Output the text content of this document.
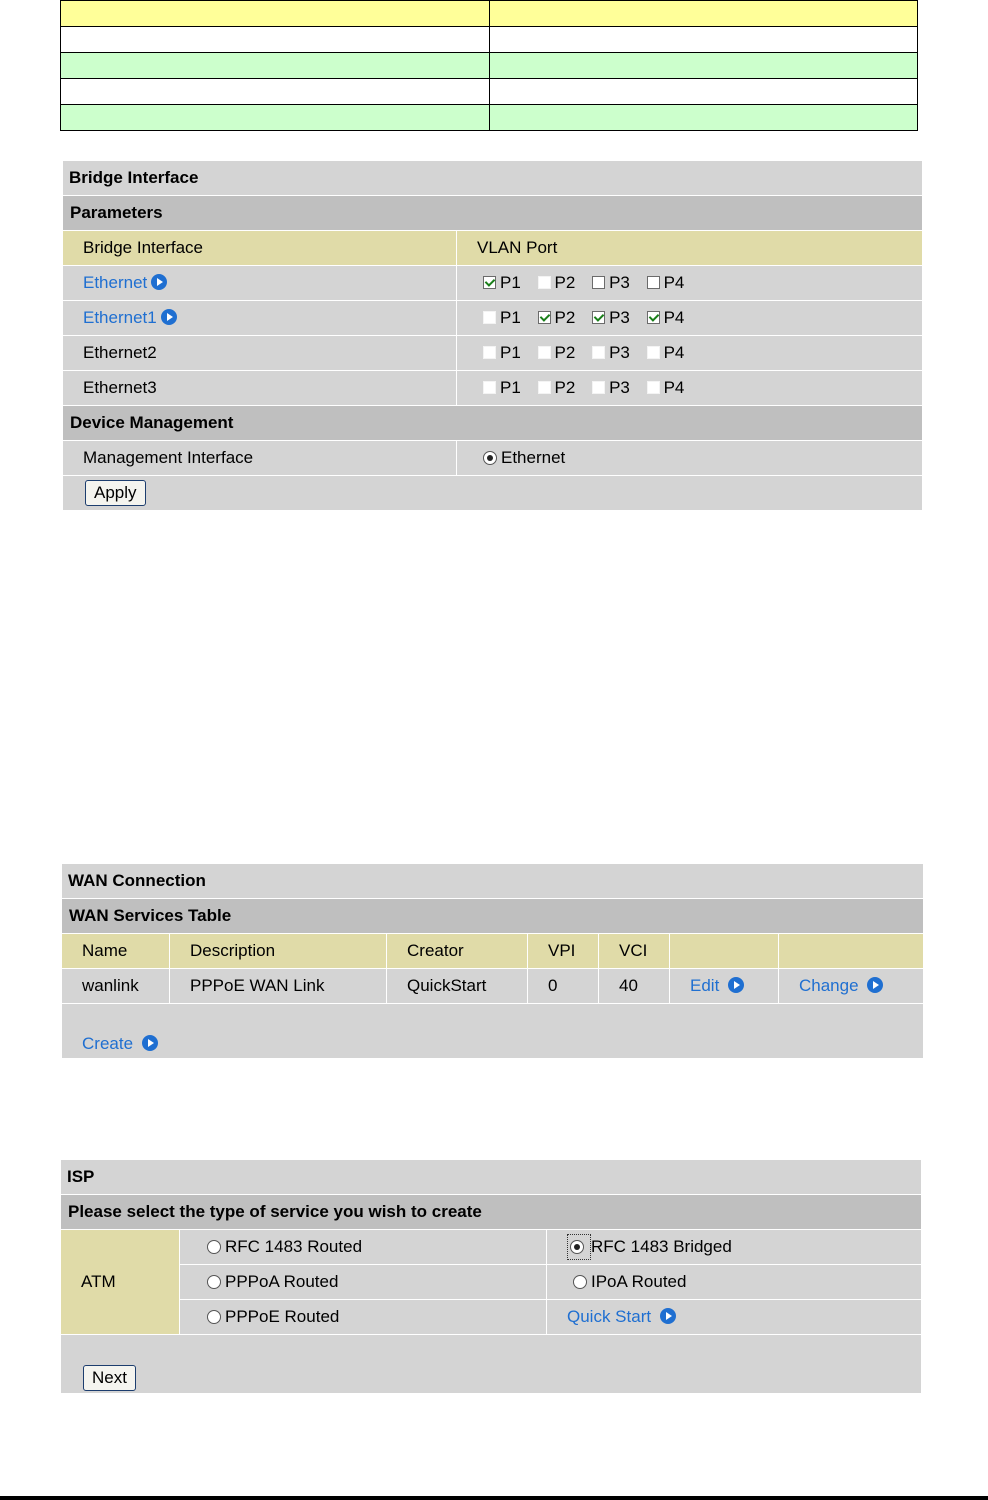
Bridge Interface	
Parameters	
Bridge Interface	VLAN Port
Ethernet	P1 P2 P3 P4
Ethernet1	P1 P2 P3 P4
Ethernet2	P1 P2 P3 P4
Ethernet3	P1 P2 P3 P4
Device Management	
Management Interface	Ethernet
Apply	
WAN Connection						
WAN Services Table						
Name	Description	Creator	VPI	VCI		
wanlink	PPPoE WAN Link	QuickStart	0	40	Edit	Change
Create						
ISP		
Please select the type of service you wish to create		
ATM	RFC 1483 Routed	RFC 1483 Bridged
	PPPoA Routed	IPoA Routed
	PPPoE Routed	Quick Start
Next		
